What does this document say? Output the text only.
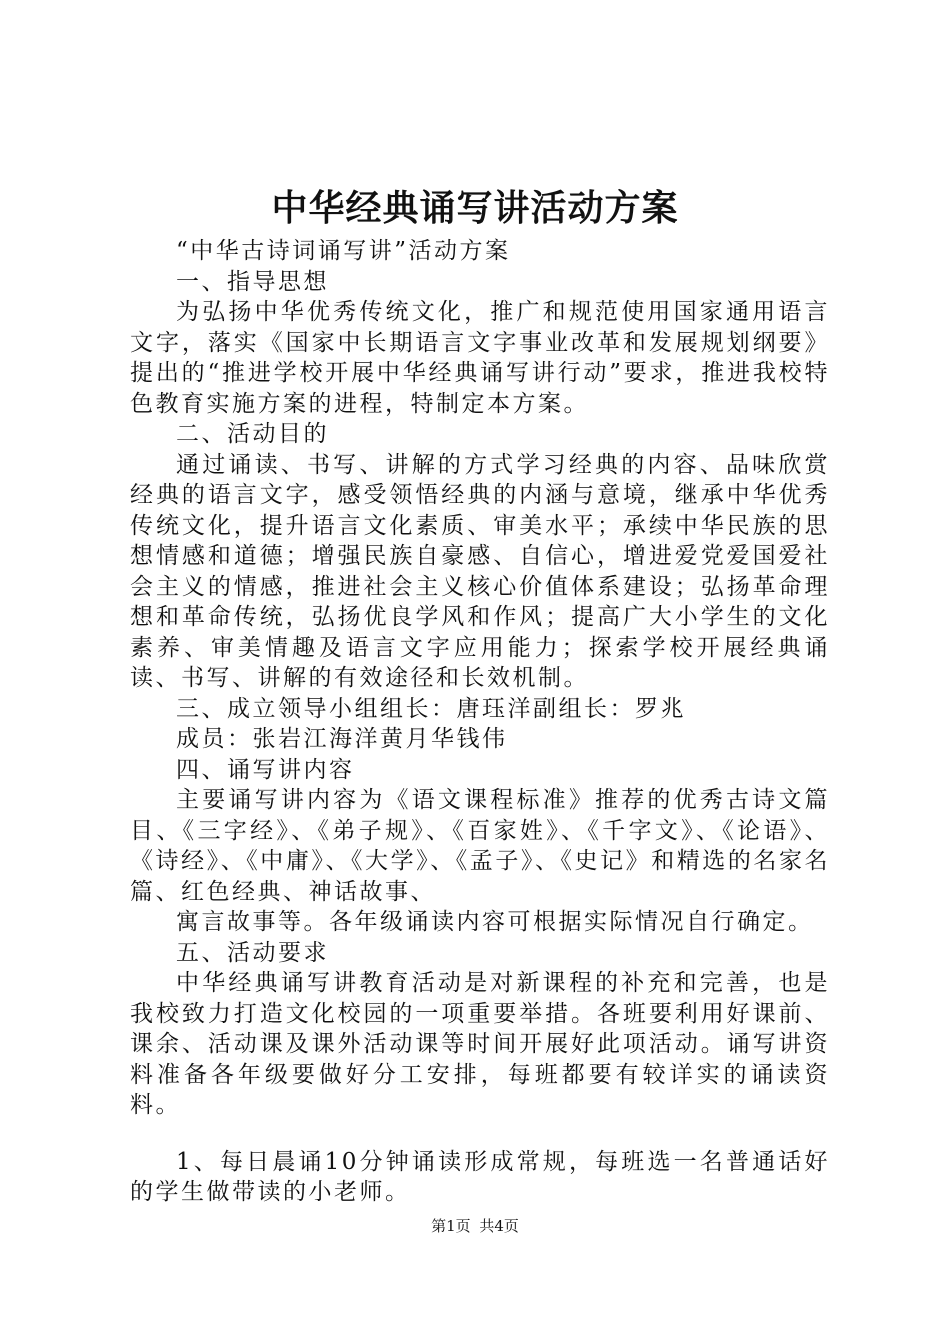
中华经典诵写讲活动方案

“中华古诗词诵写讲”活动方案

一、指导思想

为弘扬中华优秀传统文化，推广和规范使用国家通用语言文字，落实《国家中长期语言文字事业改革和发展规划纲要》提出的“推进学校开展中华经典诵写讲行动”要求，推进我校特色教育实施方案的进程，特制定本方案。

二、活动目的

通过诵读、书写、讲解的方式学习经典的内容、品味欣赏经典的语言文字，感受领悟经典的内涵与意境，继承中华优秀传统文化，提升语言文化素质、审美水平；承续中华民族的思想情感和道德；增强民族自豪感、自信心，增进爱党爱国爱社会主义的情感，推进社会主义核心价值体系建设；弘扬革命理想和革命传统，弘扬优良学风和作风；提高广大小学生的文化素养、审美情趣及语言文字应用能力；探索学校开展经典诵读、书写、讲解的有效途径和长效机制。

三、成立领导小组组长：唐珏洋副组长：罗兆

成员：张岩江海洋黄月华钱伟

四、诵写讲内容

主要诵写讲内容为《语文课程标准》推荐的优秀古诗文篇目、《三字经》、《弟子规》、《百家姓》、《千字文》、《论语》、《诗经》、《中庸》、《大学》、《孟子》、《史记》和精选的名家名篇、红色经典、神话故事、

寓言故事等。各年级诵读内容可根据实际情况自行确定。

五、活动要求

中华经典诵写讲教育活动是对新课程的补充和完善，也是我校致力打造文化校园的一项重要举措。各班要利用好课前、课余、活动课及课外活动课等时间开展好此项活动。诵写讲资料准备各年级要做好分工安排，每班都要有较详实的诵读资料。

1、每日晨诵10分钟诵读形成常规，每班选一名普通话好的学生做带读的小老师。

第1页 共4页
